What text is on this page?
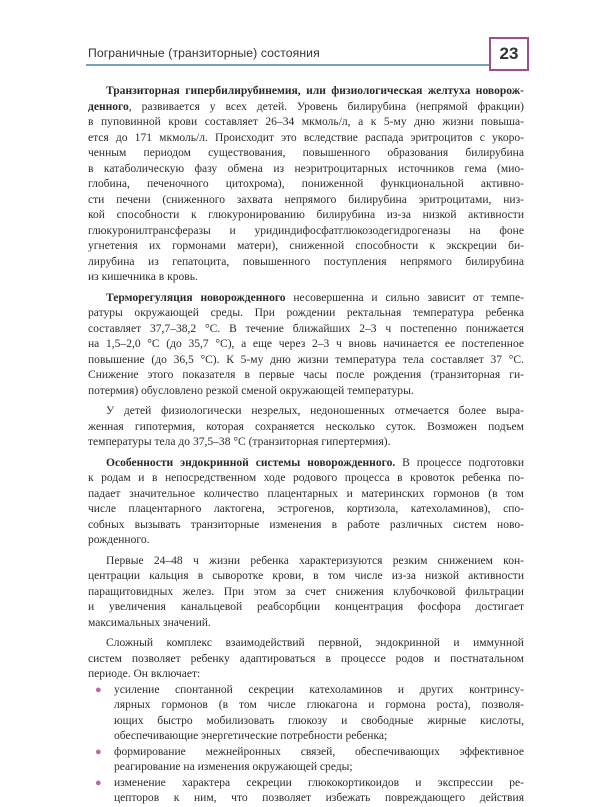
Пограничные (транзиторные) состояния	23
Транзиторная гипербилирубинемия, или физиологическая желтуха новорож-
денного, развивается у всех детей. Уровень билирубина (непрямой фракции)
в пуповинной крови составляет 26–34 мкмоль/л, а к 5-му дню жизни повыша-
ется до 171 мкмоль/л. Происходит это вследствие распада эритроцитов с укоро-
ченным периодом существования, повышенного образования билирубина
в катаболическую фазу обмена из неэритроцитарных источников гема (мио-
глобина, печеночного цитохрома), пониженной функциональной активно-
сти печени (сниженного захвата непрямого билирубина эритроцитами, низ-
кой способности к глюкуронированию билирубина из-за низкой активности
глюкуронилтрансферазы и уридиндифосфатглюкозодегидрогеназы на фоне
угнетения их гормонами матери), сниженной способности к экскреции би-
лирубина из гепатоцита, повышенного поступления непрямого билирубина
из кишечника в кровь.
Терморегуляция новорожденного несовершенна и сильно зависит от темпе-
ратуры окружающей среды. При рождении ректальная температура ребенка
составляет 37,7–38,2 °С. В течение ближайших 2–3 ч постепенно понижается
на 1,5–2,0 °С (до 35,7 °С), а еще через 2–3 ч вновь начинается ее постепенное
повышение (до 36,5 °С). К 5-му дню жизни температура тела составляет 37 °С.
Снижение этого показателя в первые часы после рождения (транзиторная ги-
потермия) обусловлено резкой сменой окружающей температуры.
У детей физиологически незрелых, недоношенных отмечается более выра-
женная гипотермия, которая сохраняется несколько суток. Возможен подъем
температуры тела до 37,5–38 °С (транзиторная гипертермия).
Особенности эндокринной системы новорожденного. В процессе подготовки
к родам и в непосредственном ходе родового процесса в кровоток ребенка по-
падает значительное количество плацентарных и материнских гормонов (в том
числе плацентарного лактогена, эстрогенов, кортизола, катехоламинов), спо-
собных вызывать транзиторные изменения в работе различных систем ново-
рожденного.
Первые 24–48 ч жизни ребенка характеризуются резким снижением кон-
центрации кальция в сыворотке крови, в том числе из-за низкой активности
паращитовидных желез. При этом за счет снижения клубочковой фильтрации
и увеличения канальцевой реабсорбции концентрация фосфора достигает
максимальных значений.
Сложный комплекс взаимодействий первной, эндокринной и иммунной
систем позволяет ребенку адаптироваться в процессе родов и постнатальном
периоде. Он включает:
● усиление спонтанной секреции катехоламинов и других контринсу-
лярных гормонов (в том числе глюкагона и гормона роста), позволя-
ющих быстро мобилизовать глюкозу и свободные жирные кислоты,
обеспечивающие энергетические потребности ребенка;
● формирование межнейронных связей, обеспечивающих эффективное
реагирование на изменения окружающей среды;
● изменение характера секреции глюкокортикоидов и экспрессии ре-
цепторов к ним, что позволяет избежать повреждающего действия
